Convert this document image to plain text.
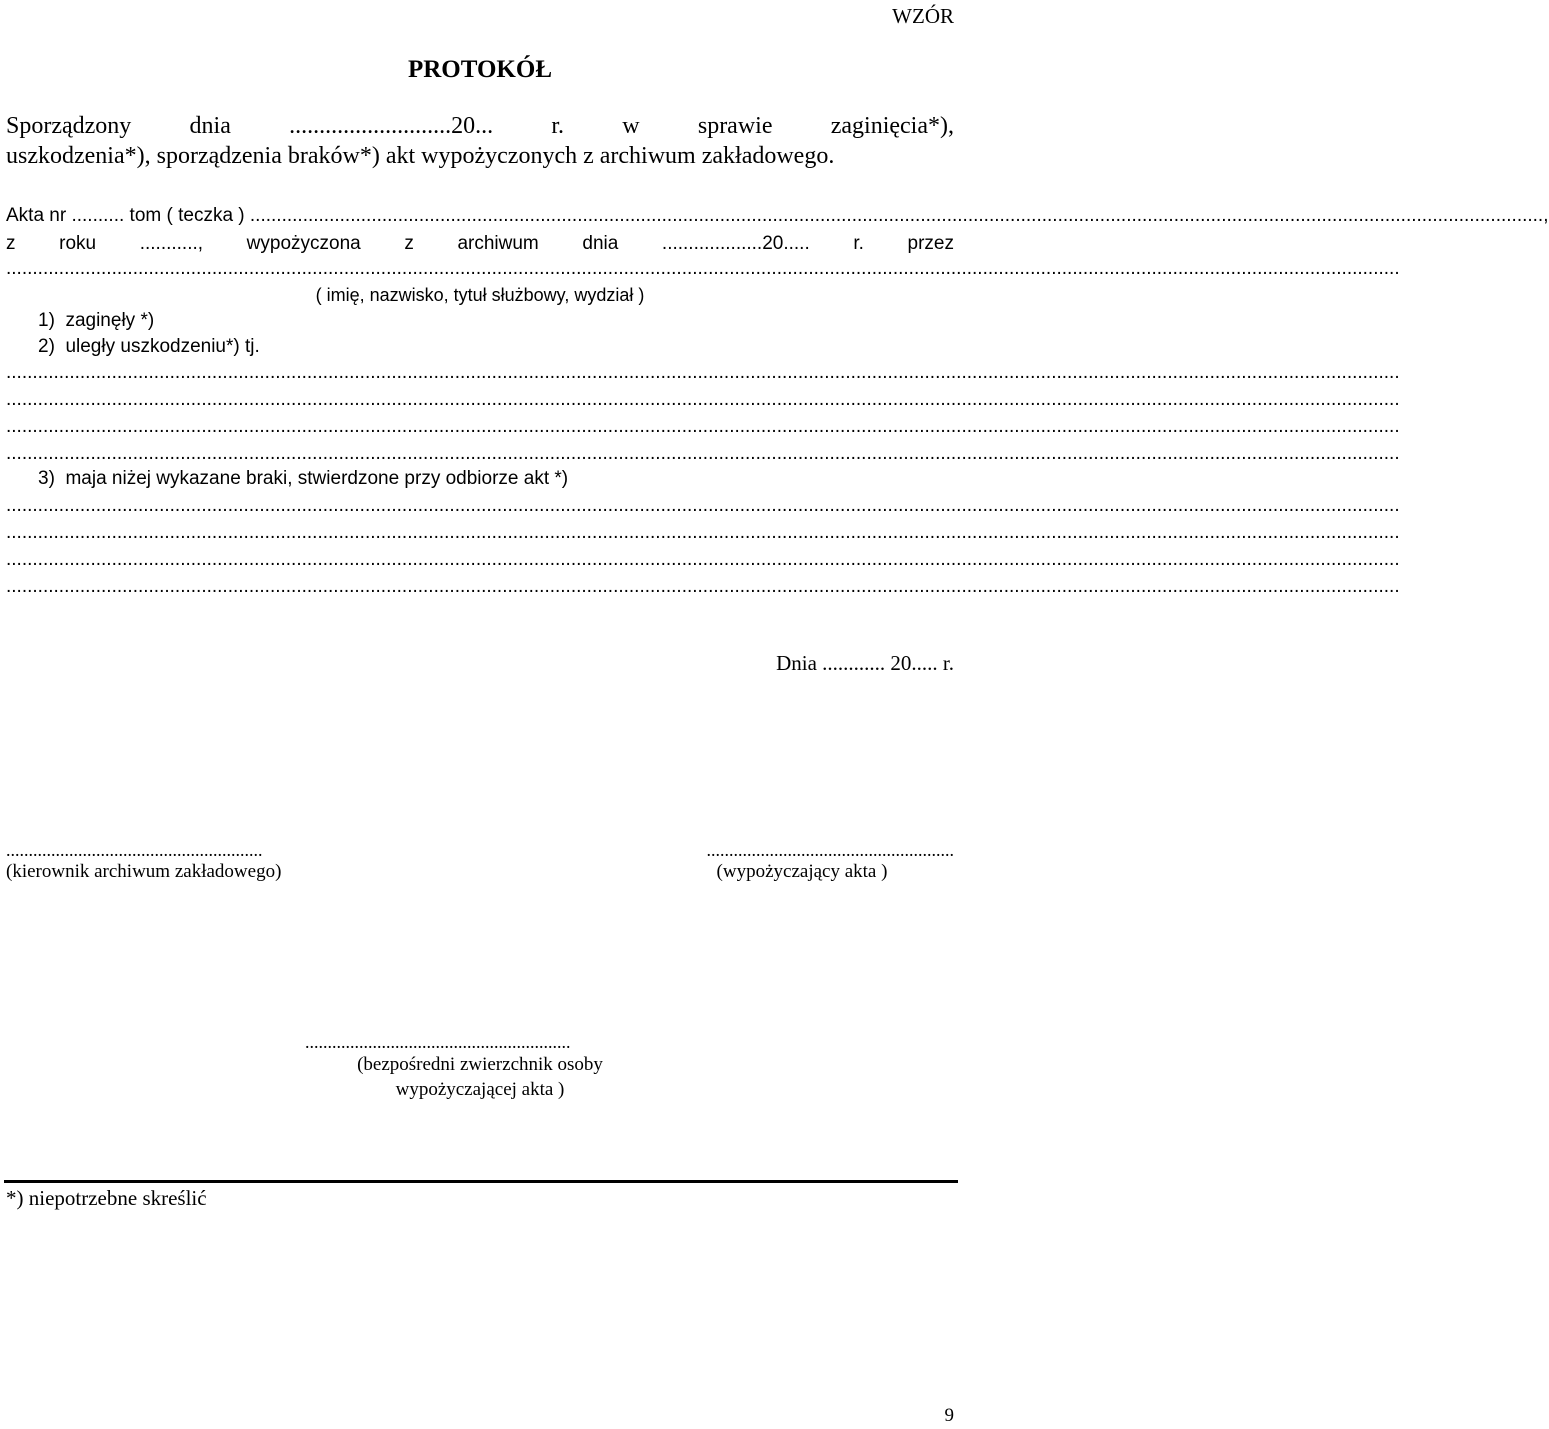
WZÓR
PROTOKÓŁ
Sporządzony dnia ...........................20... r. w sprawie zaginięcia*),
uszkodzenia*), sporządzenia braków*) akt wypożyczonych z archiwum zakładowego.
Akta nr ..........
tom ( teczka ) ..................................................................................................................................................................................................................................................... ,
z roku ..........., wypożyczona z archiwum dnia ...................20..... r. przez
........................................................................................................................................................................................................................................................................
( imię, nazwisko, tytuł służbowy, wydział )
1)  zaginęły *)
2)  uległy uszkodzeniu*) tj.
........................................................................................................................................................................................................................................................................
........................................................................................................................................................................................................................................................................
........................................................................................................................................................................................................................................................................
........................................................................................................................................................................................................................................................................
3)  maja niżej wykazane braki, stwierdzone przy odbiorze akt *)
........................................................................................................................................................................................................................................................................
........................................................................................................................................................................................................................................................................
........................................................................................................................................................................................................................................................................
........................................................................................................................................................................................................................................................................
Dnia ............ 20..... r.
.........................................................
(kierownik archiwum zakładowego)
.......................................................
(wypożyczający akta )
...........................................................
(bezpośredni zwierzchnik osoby
wypożyczającej akta )
*) niepotrzebne skreślić
9
